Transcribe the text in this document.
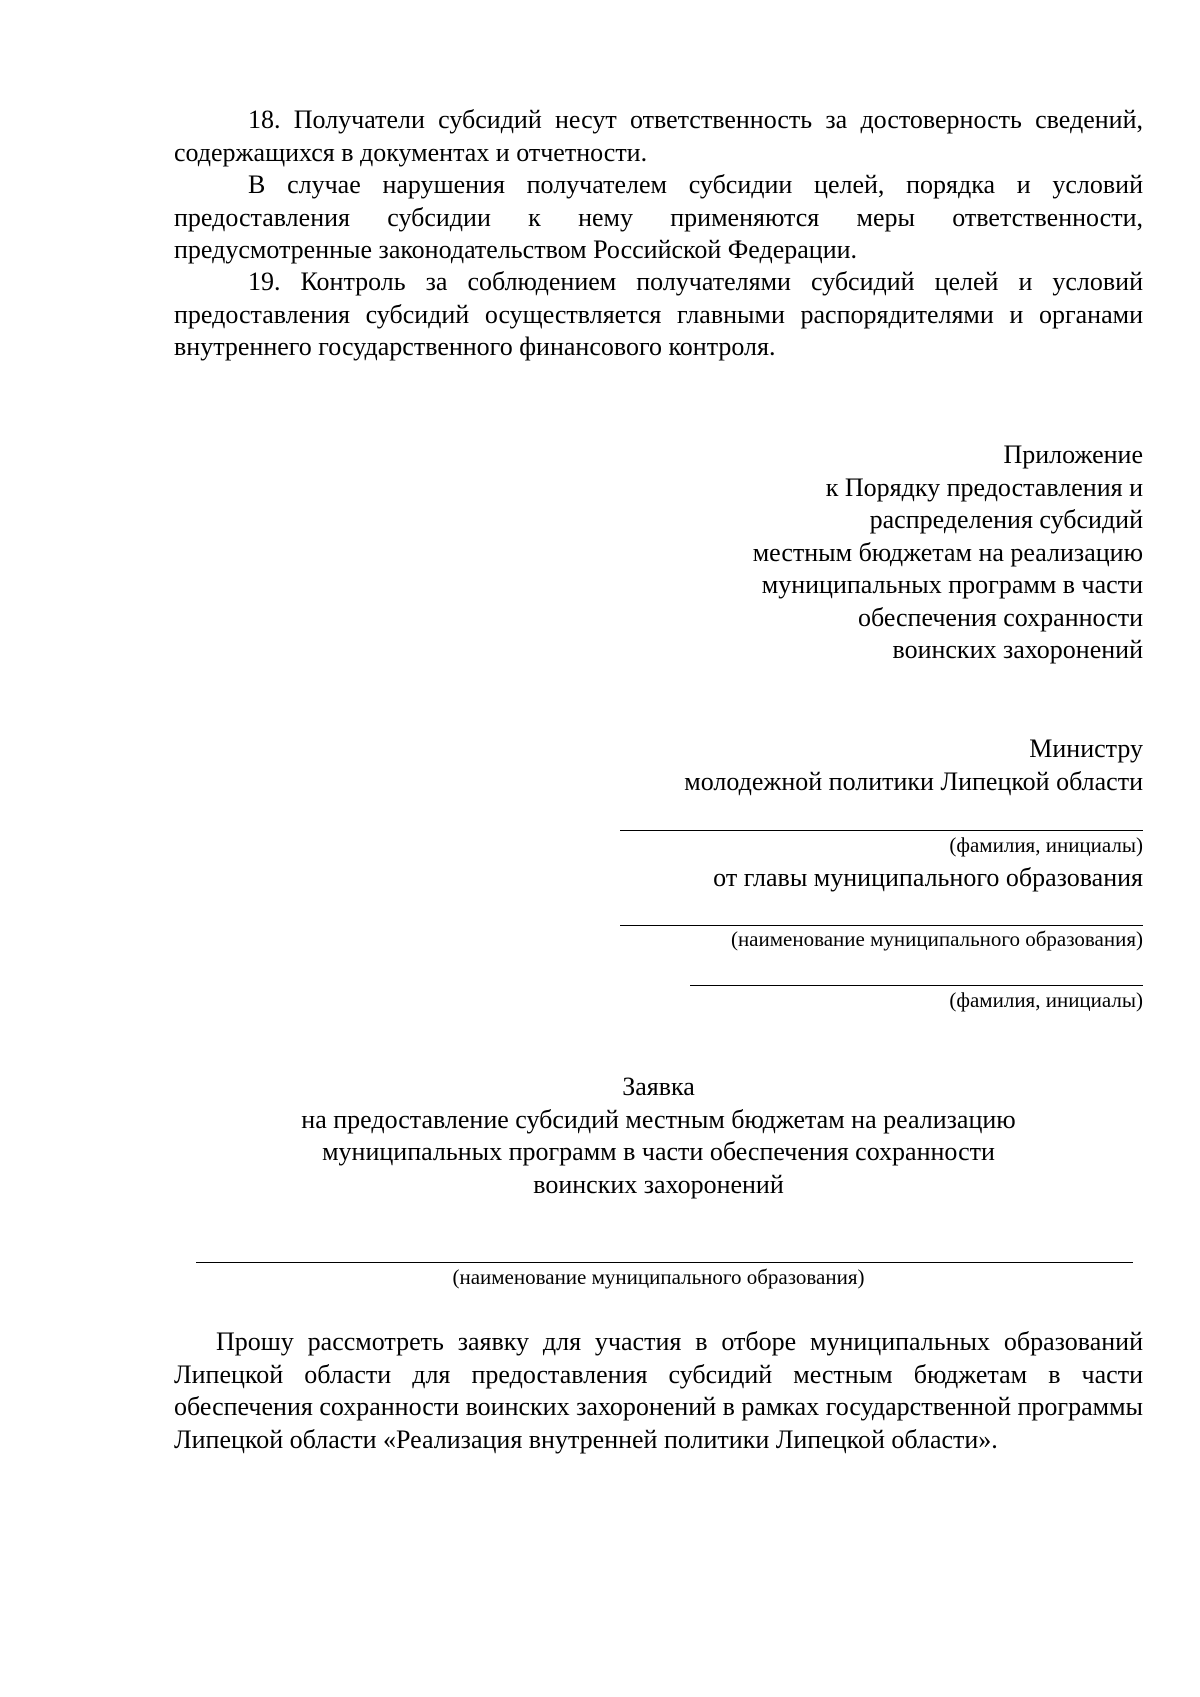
18. Получатели субсидий несут ответственность за достоверность сведений, содержащихся в документах и отчетности.

В случае нарушения получателем субсидии целей, порядка и условий предоставления субсидии к нему применяются меры ответственности, предусмотренные законодательством Российской Федерации.

19. Контроль за соблюдением получателями субсидий целей и условий предоставления субсидий осуществляется главными распорядителями и органами внутреннего государственного финансового контроля.

Приложение
к Порядку предоставления и
распределения субсидий
местным бюджетам на реализацию
муниципальных программ в части
обеспечения сохранности
воинских захоронений
Министру
молодежной политики Липецкой области
(фамилия, инициалы)
от главы муниципального образования
(наименование муниципального образования)
(фамилия, инициалы)
Заявка
на предоставление субсидий местным бюджетам на реализацию
муниципальных программ в части обеспечения сохранности
воинских захоронений
(наименование муниципального образования)

Прошу рассмотреть заявку для участия в отборе муниципальных образований Липецкой области для предоставления субсидий местным бюджетам в части обеспечения сохранности воинских захоронений в рамках государственной программы Липецкой области «Реализация внутренней политики Липецкой области».
